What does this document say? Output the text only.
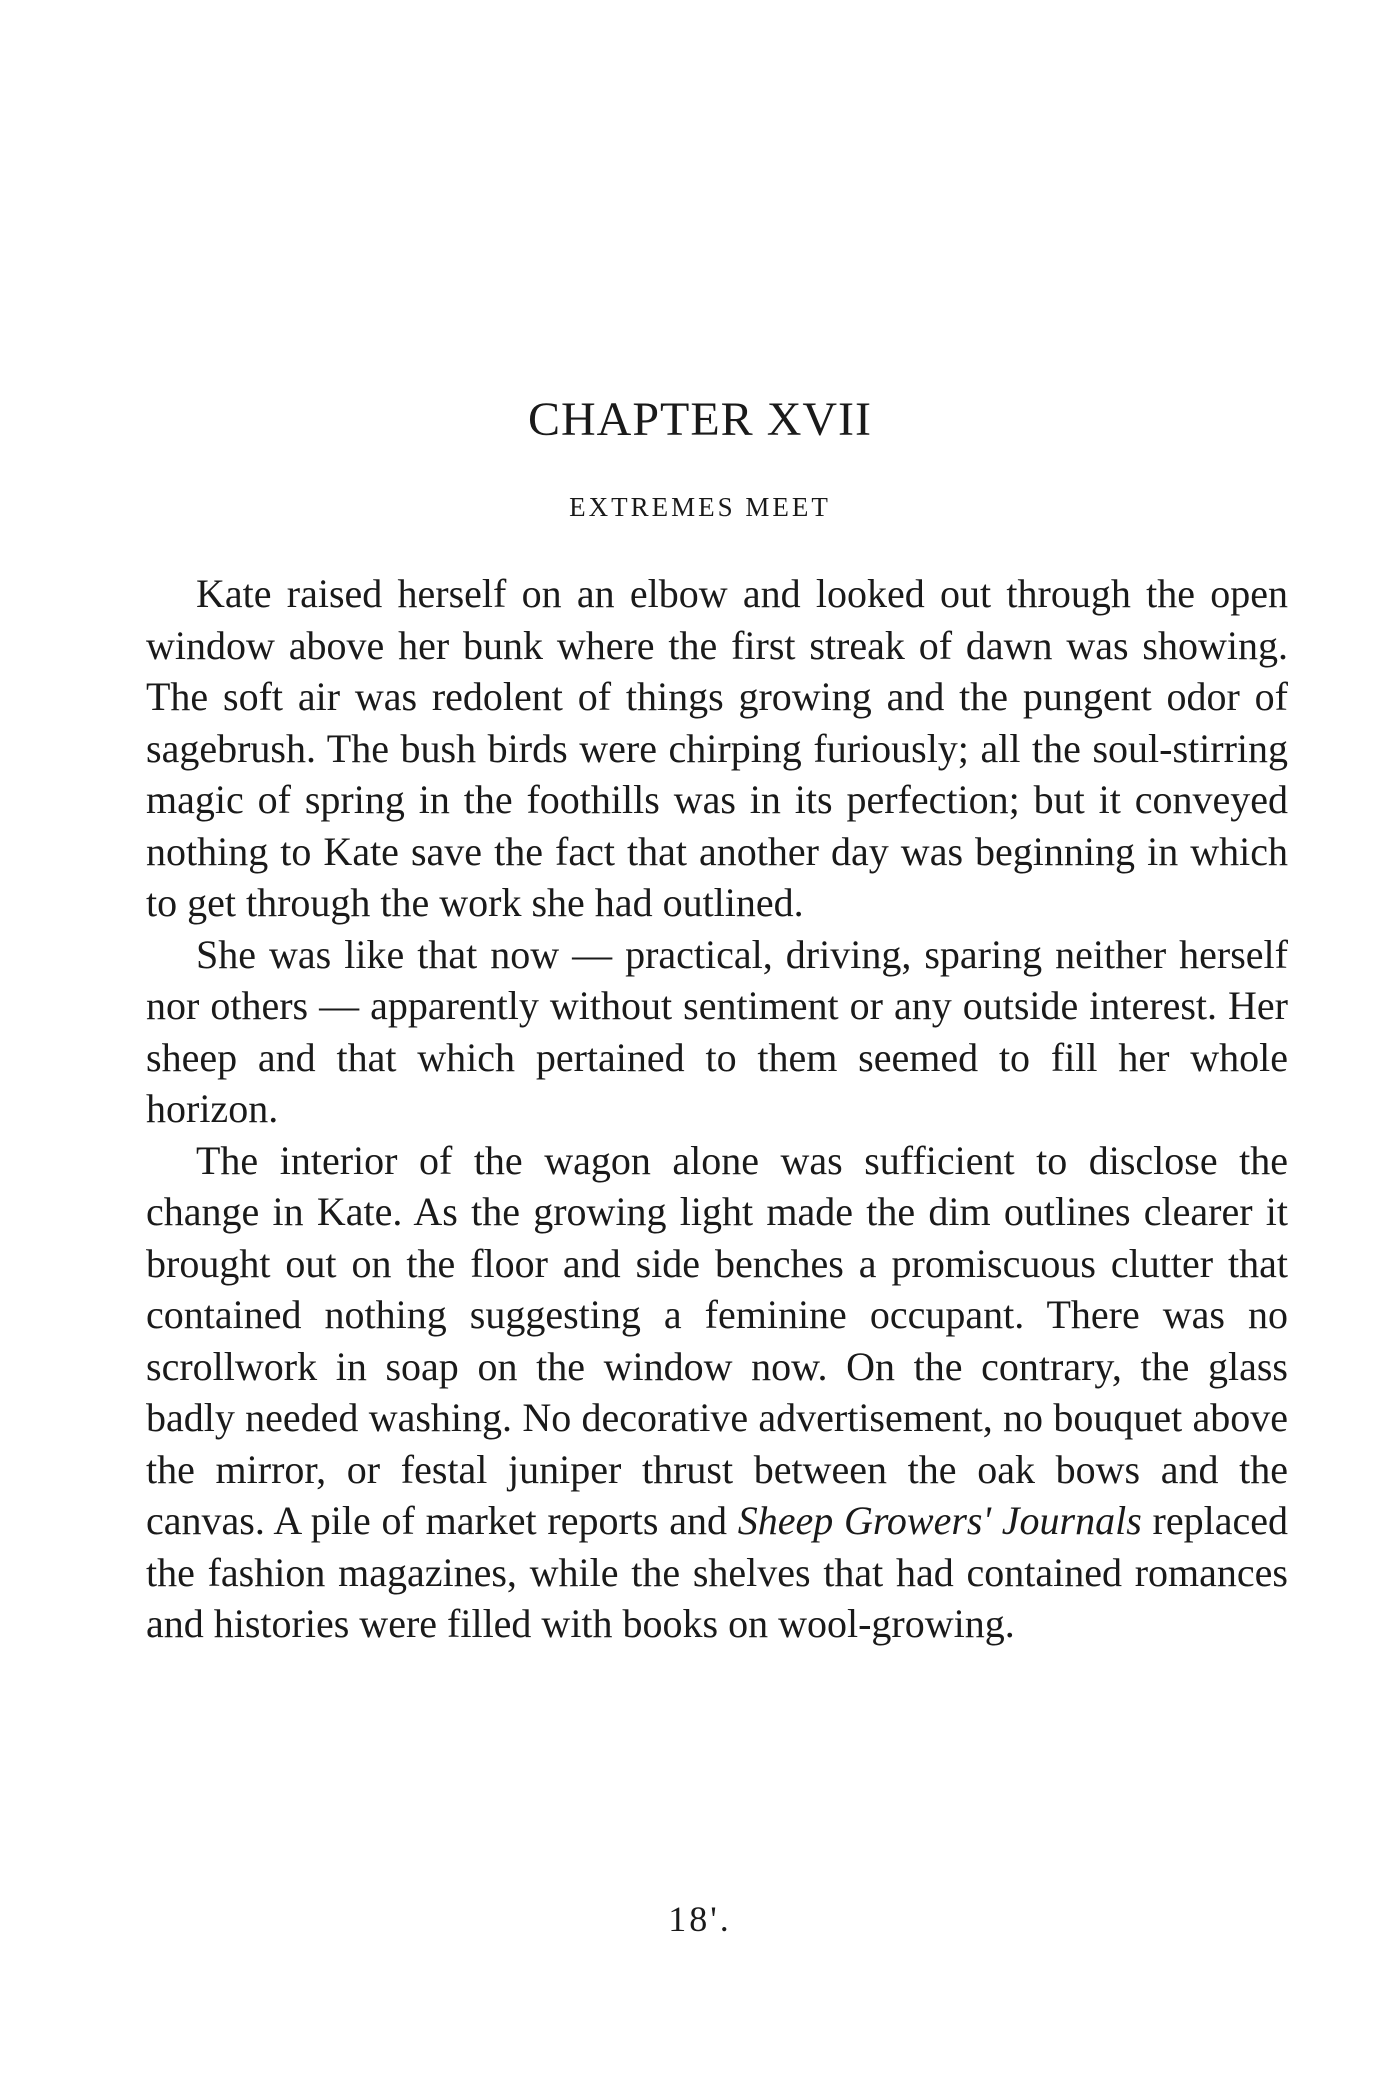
CHAPTER XVII
EXTREMES MEET

Kate raised herself on an elbow and looked out through the open window above her bunk where the first streak of dawn was showing. The soft air was redolent of things growing and the pungent odor of sagebrush. The bush birds were chirping furiously; all the soul-stirring magic of spring in the foothills was in its perfection; but it conveyed nothing to Kate save the fact that another day was beginning in which to get through the work she had outlined.

She was like that now — practical, driving, sparing neither herself nor others — apparently without sentiment or any outside interest. Her sheep and that which pertained to them seemed to fill her whole horizon.

The interior of the wagon alone was sufficient to disclose the change in Kate. As the growing light made the dim outlines clearer it brought out on the floor and side benches a promiscuous clutter that contained nothing suggesting a feminine occupant. There was no scrollwork in soap on the window now. On the contrary, the glass badly needed washing. No decorative advertisement, no bouquet above the mirror, or festal juniper thrust between the oak bows and the canvas. A pile of market reports and Sheep Growers' Journals replaced the fashion magazines, while the shelves that had contained romances and histories were filled with books on wool-growing.

18'.
